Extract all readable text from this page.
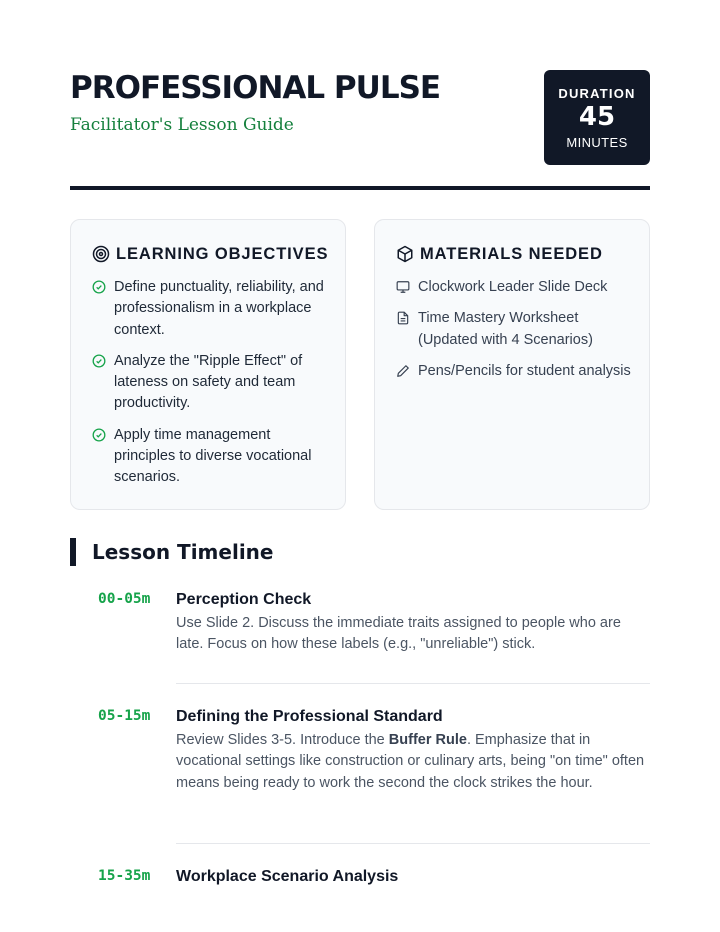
PROFESSIONAL PULSE
Facilitator's Lesson Guide
DURATION
45
MINUTES
LEARNING OBJECTIVES
Define punctuality, reliability, and professionalism in a workplace context.
Analyze the "Ripple Effect" of lateness on safety and team productivity.
Apply time management principles to diverse vocational scenarios.
MATERIALS NEEDED
Clockwork Leader Slide Deck
Time Mastery Worksheet (Updated with 4 Scenarios)
Pens/Pencils for student analysis
Lesson Timeline
00-05m Perception Check
Use Slide 2. Discuss the immediate traits assigned to people who are late. Focus on how these labels (e.g., "unreliable") stick.
05-15m Defining the Professional Standard
Review Slides 3-5. Introduce the Buffer Rule. Emphasize that in vocational settings like construction or culinary arts, being "on time" often means being ready to work the second the clock strikes the hour.
15-35m Workplace Scenario Analysis
